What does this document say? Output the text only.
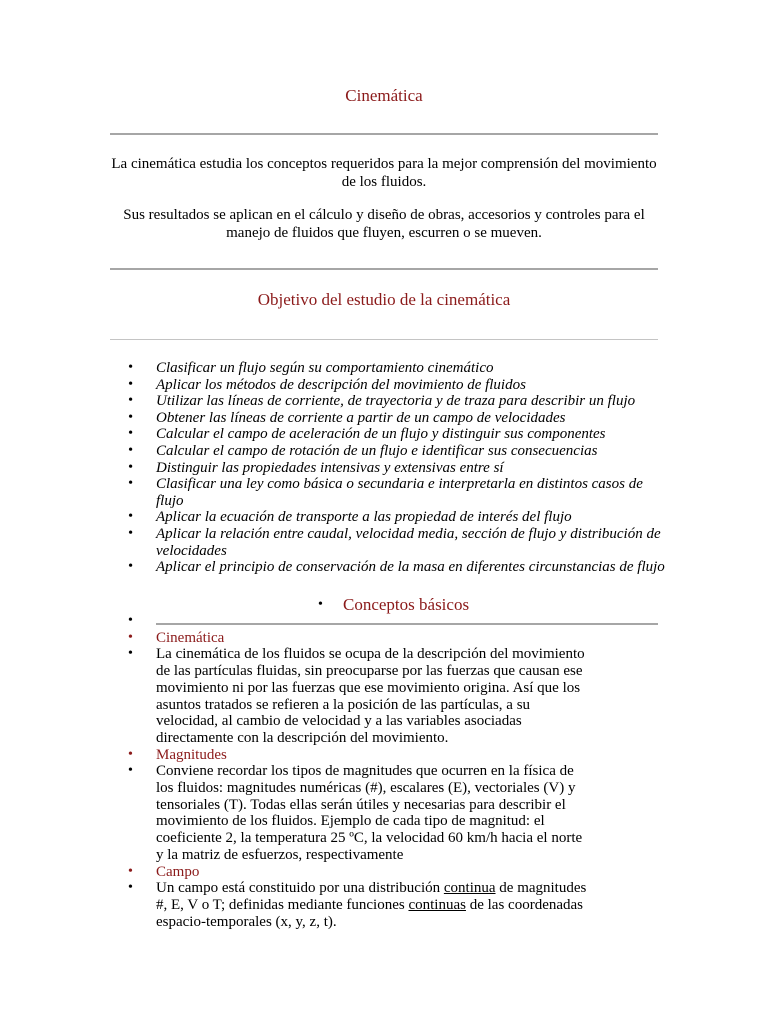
Cinemática
La cinemática estudia los conceptos requeridos para la mejor comprensión del movimiento de los fluidos.
Sus resultados se aplican en el cálculo y diseño de obras, accesorios y controles para el manejo de fluidos que fluyen, escurren o se mueven.
Objetivo del estudio de la cinemática
• Clasificar un flujo según su comportamiento cinemático
• Aplicar los métodos de descripción del movimiento de fluidos
• Utilizar las líneas de corriente, de trayectoria y de traza para describir un flujo
• Obtener las líneas de corriente a partir de un campo de velocidades
• Calcular el campo de aceleración de un flujo y distinguir sus componentes
• Calcular el campo de rotación de un flujo e identificar sus consecuencias
• Distinguir las propiedades intensivas y extensivas entre sí
• Clasificar una ley como básica o secundaria e interpretarla en distintos casos de flujo
• Aplicar la ecuación de transporte a las propiedad de interés del flujo
• Aplicar la relación entre caudal, velocidad media, sección de flujo y distribución de velocidades
• Aplicar el principio de conservación de la masa en diferentes circunstancias de flujo
• Conceptos básicos
•
• Cinemática
• La cinemática de los fluidos se ocupa de la descripción del movimiento de las partículas fluidas, sin preocuparse por las fuerzas que causan ese movimiento ni por las fuerzas que ese movimiento origina. Así que los asuntos tratados se refieren a la posición de las partículas, a su velocidad, al cambio de velocidad y a las variables asociadas directamente con la descripción del movimiento.
• Magnitudes
• Conviene recordar los tipos de magnitudes que ocurren en la física de los fluidos: magnitudes numéricas (#), escalares (E), vectoriales (V) y tensoriales (T). Todas ellas serán útiles y necesarias para describir el movimiento de los fluidos. Ejemplo de cada tipo de magnitud: el coeficiente 2, la temperatura 25 ºC, la velocidad 60 km/h hacia el norte y la matriz de esfuerzos, respectivamente
• Campo
• Un campo está constituido por una distribución continua de magnitudes #, E, V o T; definidas mediante funciones continuas de las coordenadas espacio-temporales (x, y, z, t).
